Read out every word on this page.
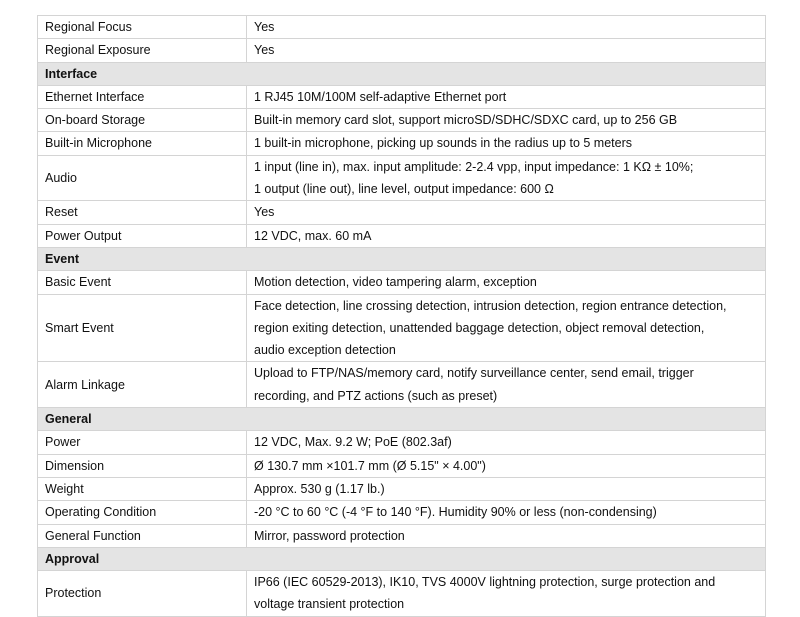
Regional Focus	Yes

Regional Exposure	Yes

Interface	
Ethernet Interface	1 RJ45 10M/100M self-adaptive Ethernet port

On-board Storage	Built-in memory card slot, support microSD/SDHC/SDXC card, up to 256 GB

Built-in Microphone	1 built-in microphone, picking up sounds in the radius up to 5 meters

Audio	1 input (line in), max. input amplitude: 2-2.4 vpp, input impedance: 1 KΩ ± 10%;
1 output (line out), line level, output impedance: 600 Ω

Reset	Yes

Power Output	12 VDC, max. 60 mA

Event	
Basic Event	Motion detection, video tampering alarm, exception

Smart Event	Face detection, line crossing detection, intrusion detection, region entrance detection,
region exiting detection, unattended baggage detection, object removal detection,
audio exception detection

Alarm Linkage	Upload to FTP/NAS/memory card, notify surveillance center, send email, trigger
recording, and PTZ actions (such as preset)

General	
Power	12 VDC, Max. 9.2 W; PoE (802.3af)

Dimension	Ø 130.7 mm ×101.7 mm (Ø 5.15" × 4.00")

Weight	Approx. 530 g (1.17 lb.)

Operating Condition	-20 °C to 60 °C (-4 °F to 140 °F). Humidity 90% or less (non-condensing)

General Function	Mirror, password protection

Approval	
Protection	IP66 (IEC 60529-2013), IK10, TVS 4000V lightning protection, surge protection and
voltage transient protection
